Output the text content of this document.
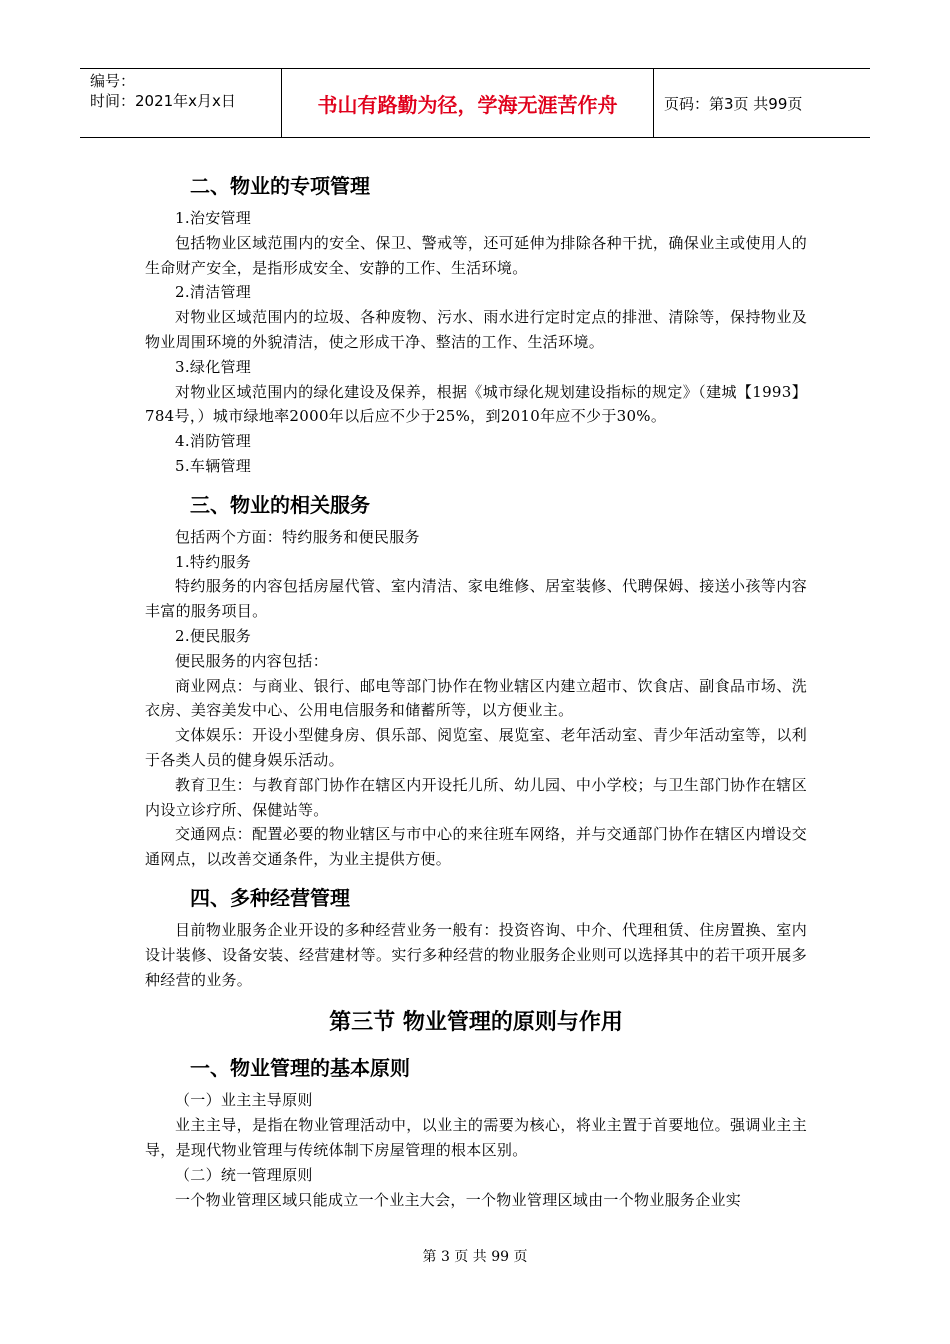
编号：
时间：2021年x月x日	书山有路勤为径，学海无涯苦作舟	页码：第3页 共99页
二、物业的专项管理

1.治安管理

包括物业区域范围内的安全、保卫、警戒等，还可延伸为排除各种干扰，确保业主或使用人的生命财产安全，是指形成安全、安静的工作、生活环境。

2.清洁管理

对物业区域范围内的垃圾、各种废物、污水、雨水进行定时定点的排泄、清除等，保持物业及物业周围环境的外貌清洁，使之形成干净、整洁的工作、生活环境。

3.绿化管理

对物业区域范围内的绿化建设及保养，根据《城市绿化规划建设指标的规定》（建城【1993】784号，）城市绿地率2000年以后应不少于25%，到2010年应不少于30%。

4.消防管理

5.车辆管理

三、物业的相关服务

包括两个方面：特约服务和便民服务

1.特约服务

特约服务的内容包括房屋代管、室内清洁、家电维修、居室装修、代聘保姆、接送小孩等内容丰富的服务项目。

2.便民服务

便民服务的内容包括：

商业网点：与商业、银行、邮电等部门协作在物业辖区内建立超市、饮食店、副食品市场、洗衣房、美容美发中心、公用电信服务和储蓄所等，以方便业主。

文体娱乐：开设小型健身房、俱乐部、阅览室、展览室、老年活动室、青少年活动室等，以利于各类人员的健身娱乐活动。

教育卫生：与教育部门协作在辖区内开设托儿所、幼儿园、中小学校；与卫生部门协作在辖区内设立诊疗所、保健站等。

交通网点：配置必要的物业辖区与市中心的来往班车网络，并与交通部门协作在辖区内增设交通网点，以改善交通条件，为业主提供方便。

四、多种经营管理

目前物业服务企业开设的多种经营业务一般有：投资咨询、中介、代理租赁、住房置换、室内设计装修、设备安装、经营建材等。实行多种经营的物业服务企业则可以选择其中的若干项开展多种经营的业务。

第三节 物业管理的原则与作用
一、物业管理的基本原则

（一）业主主导原则

业主主导，是指在物业管理活动中，以业主的需要为核心，将业主置于首要地位。强调业主主导，是现代物业管理与传统体制下房屋管理的根本区别。

（二）统一管理原则

一个物业管理区域只能成立一个业主大会，一个物业管理区域由一个物业服务企业实

第 3 页 共 99 页
